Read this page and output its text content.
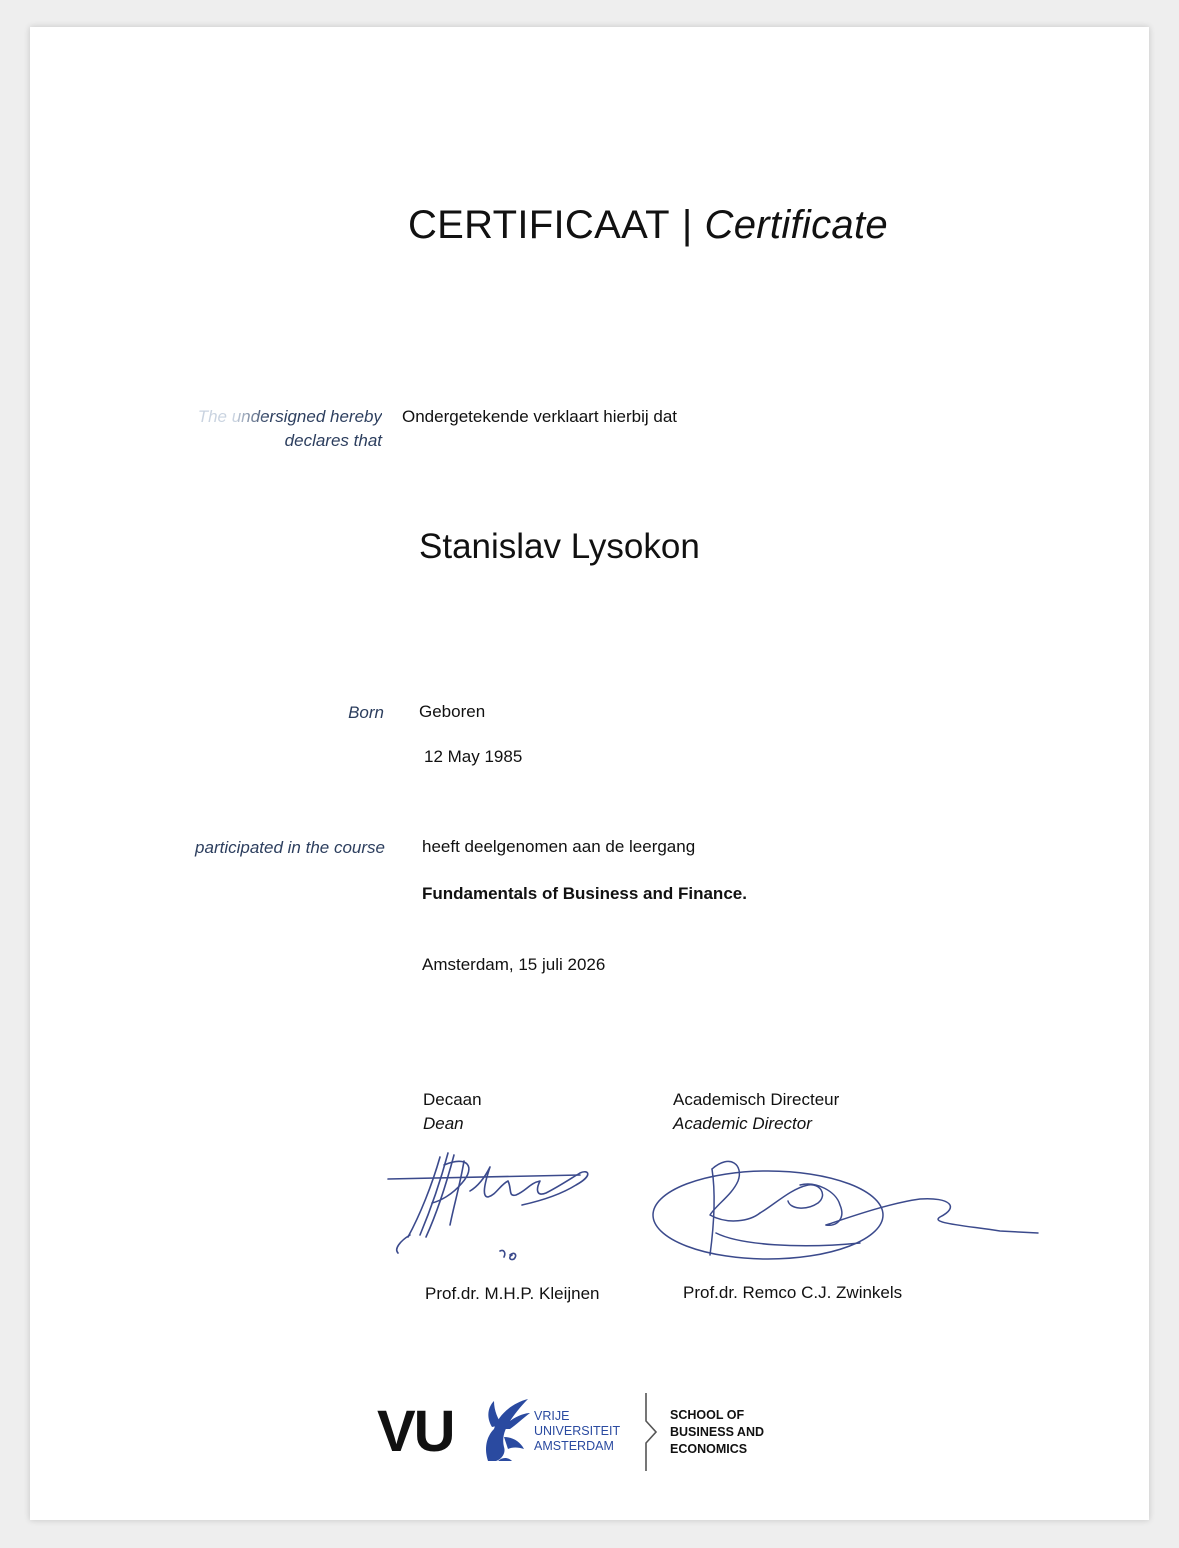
CERTIFICAAT | Certificate
The undersigned hereby
declares that
Ondergetekende verklaart hierbij dat
Stanislav Lysokon
Born Geboren
12 May 1985
participated in the course heeft deelgenomen aan de leergang
Fundamentals of Business and Finance.
Amsterdam, 15 juli 2026
Decaan
Dean
Academisch Directeur
Academic Director
Prof.dr. M.H.P. Kleijnen	Prof.dr. Remco C.J. Zwinkels
VU	VRIJE
UNIVERSITEIT
AMSTERDAM
SCHOOL OF
BUSINESS AND
ECONOMICS
